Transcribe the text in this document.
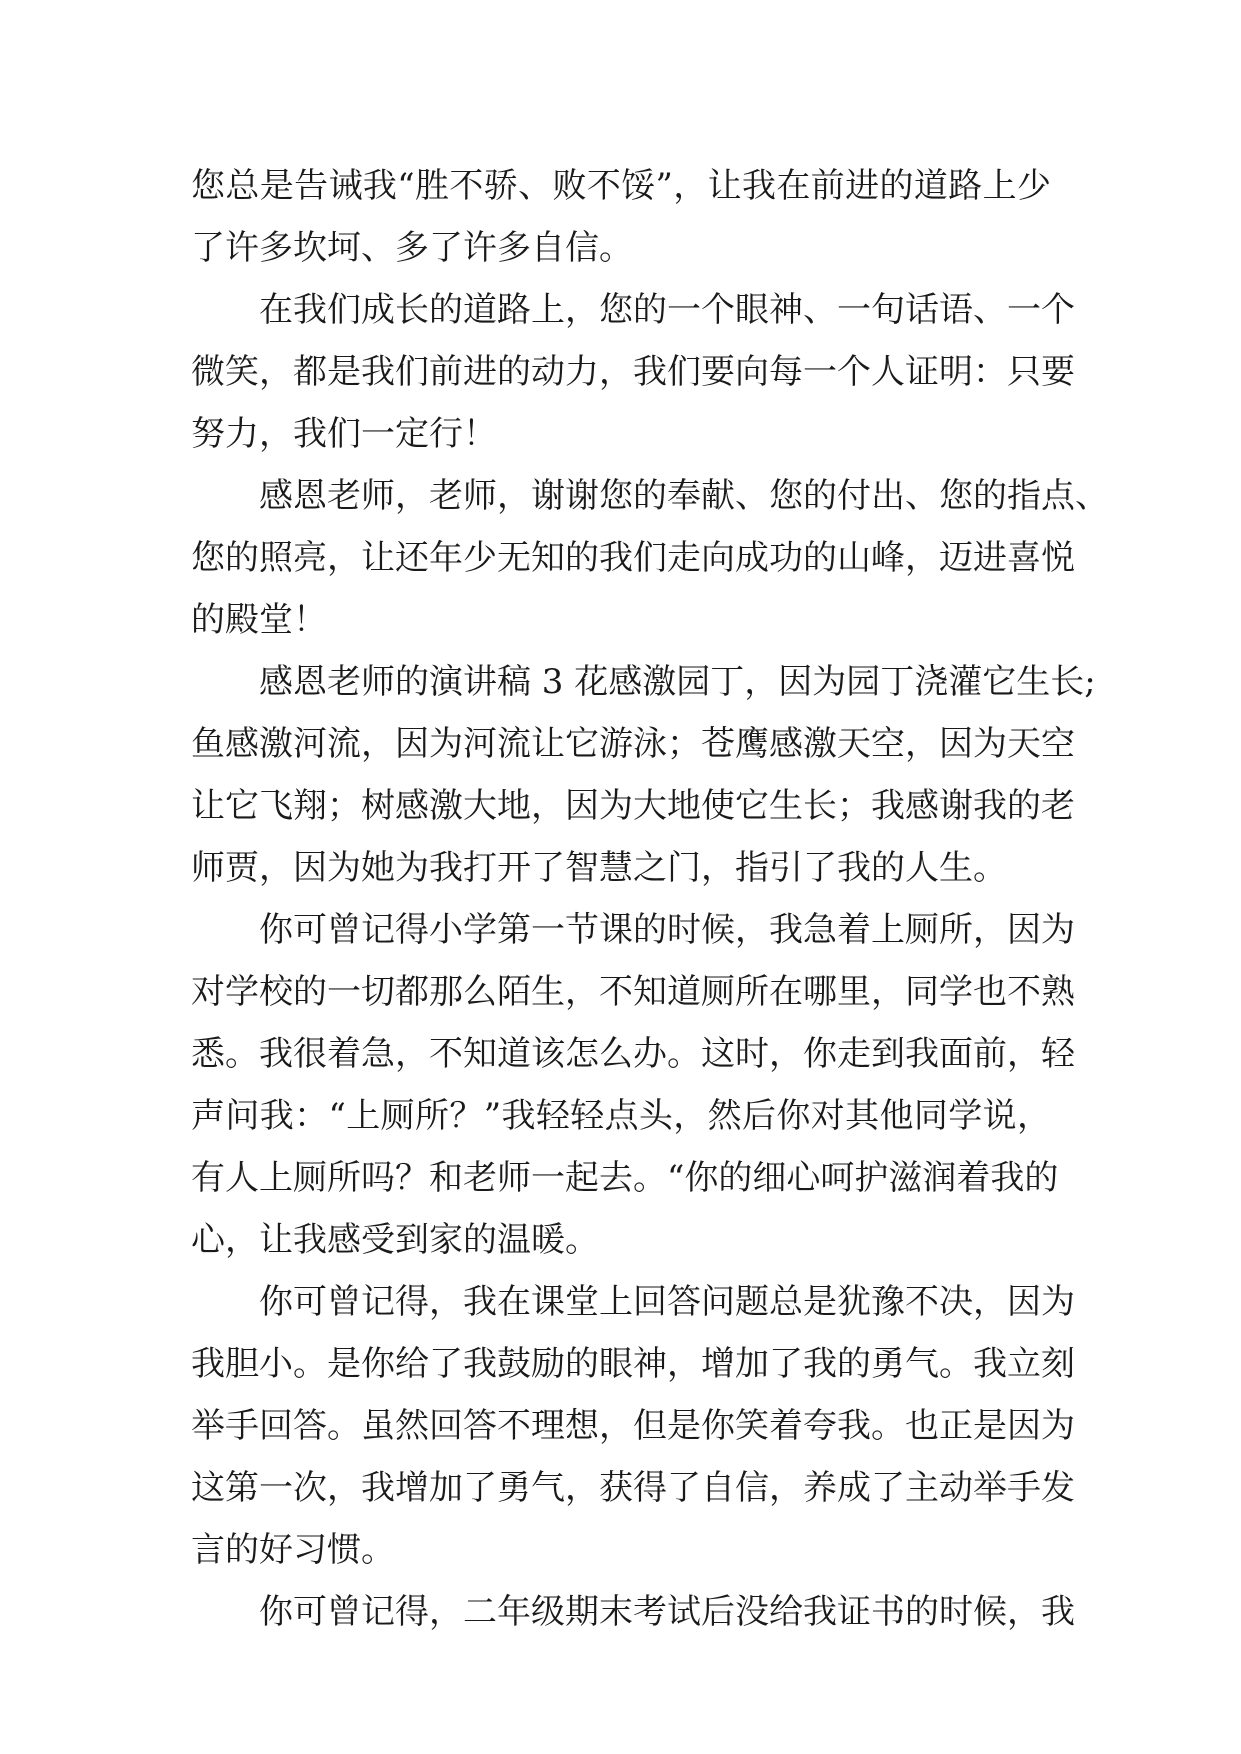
您总是告诫我“胜不骄、败不馁”，让我在前进的道路上少
了许多坎坷、多了许多自信。
在我们成长的道路上，您的一个眼神、一句话语、一个
微笑，都是我们前进的动力，我们要向每一个人证明：只要
努力，我们一定行！
感恩老师，老师，谢谢您的奉献、您的付出、您的指点、
您的照亮，让还年少无知的我们走向成功的山峰，迈进喜悦
的殿堂！
感恩老师的演讲稿 3 花感激园丁，因为园丁浇灌它生长;
鱼感激河流，因为河流让它游泳；苍鹰感激天空，因为天空
让它飞翔；树感激大地，因为大地使它生长；我感谢我的老
师贾，因为她为我打开了智慧之门，指引了我的人生。
你可曾记得小学第一节课的时候，我急着上厕所，因为
对学校的一切都那么陌生，不知道厕所在哪里，同学也不熟
悉。我很着急，不知道该怎么办。这时，你走到我面前，轻
声问我：“上厕所？”我轻轻点头，然后你对其他同学说，
有人上厕所吗？和老师一起去。“你的细心呵护滋润着我的
心，让我感受到家的温暖。
你可曾记得，我在课堂上回答问题总是犹豫不决，因为
我胆小。是你给了我鼓励的眼神，增加了我的勇气。我立刻
举手回答。虽然回答不理想，但是你笑着夸我。也正是因为
这第一次，我增加了勇气，获得了自信，养成了主动举手发
言的好习惯。
你可曾记得，二年级期末考试后没给我证书的时候，我
